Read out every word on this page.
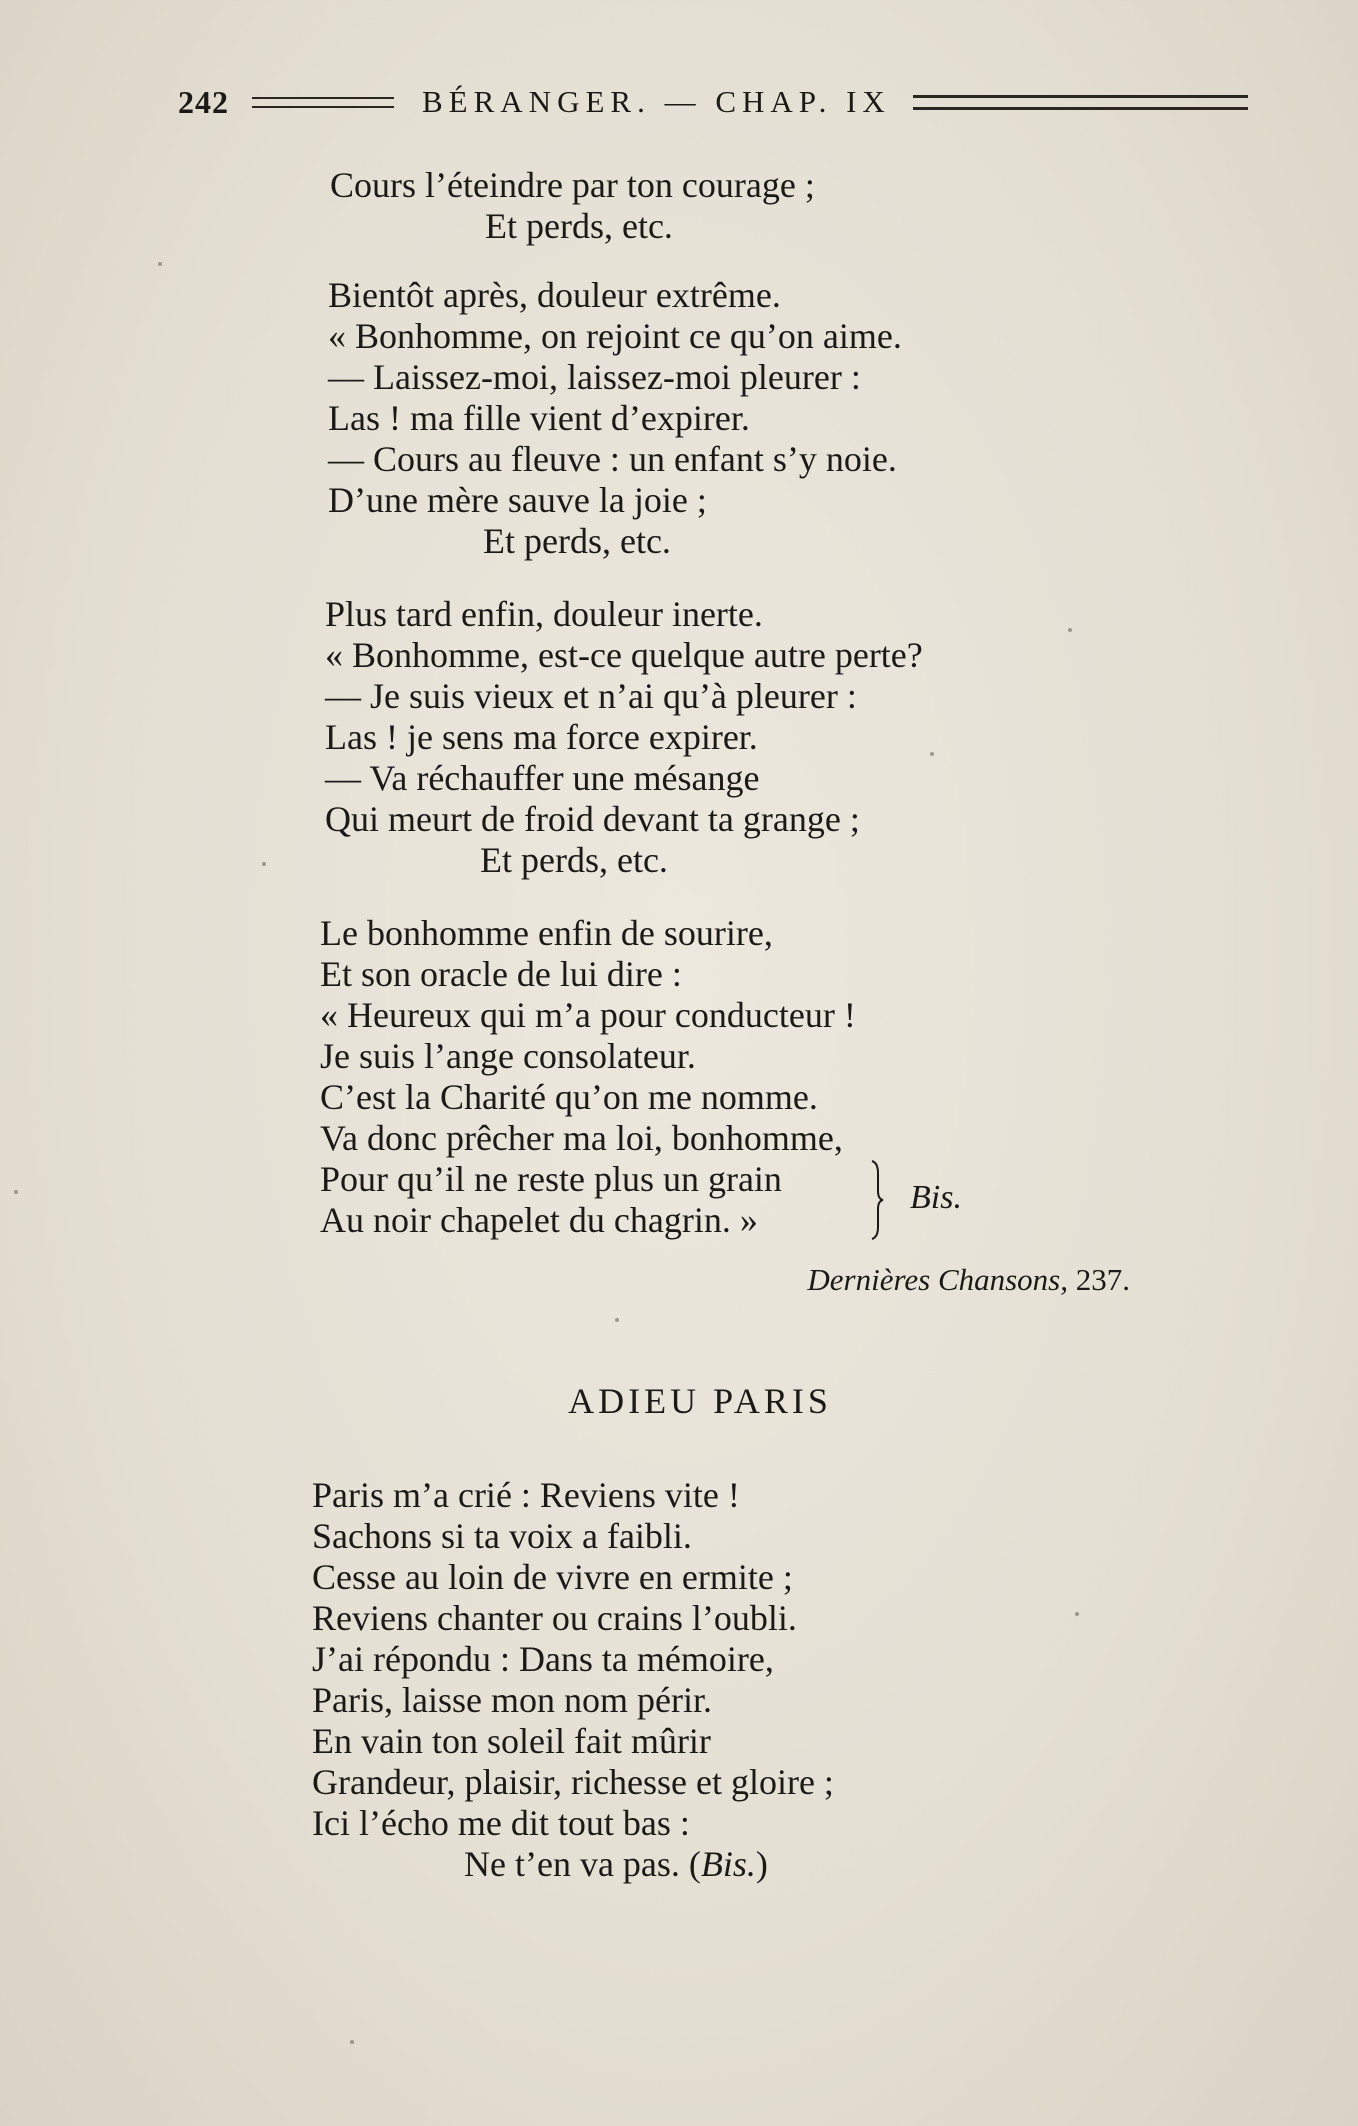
242	BÉRANGER. — CHAP. IX
Cours l’éteindre par ton courage ;
Et perds, etc.
Bientôt après, douleur extrême.
« Bonhomme, on rejoint ce qu’on aime.
— Laissez-moi, laissez-moi pleurer :
Las ! ma fille vient d’expirer.
— Cours au fleuve : un enfant s’y noie.
D’une mère sauve la joie ;
Et perds, etc.
Plus tard enfin, douleur inerte.
« Bonhomme, est-ce quelque autre perte?
— Je suis vieux et n’ai qu’à pleurer :
Las ! je sens ma force expirer.
— Va réchauffer une mésange
Qui meurt de froid devant ta grange ;
Et perds, etc.
Le bonhomme enfin de sourire,
Et son oracle de lui dire :
« Heureux qui m’a pour conducteur !
Je suis l’ange consolateur.
C’est la Charité qu’on me nomme.
Va donc prêcher ma loi, bonhomme,
Pour qu’il ne reste plus un grain
Au noir chapelet du chagrin. »
Bis.
Dernières Chansons, 237.
ADIEU PARIS
Paris m’a crié : Reviens vite !
Sachons si ta voix a faibli.
Cesse au loin de vivre en ermite ;
Reviens chanter ou crains l’oubli.
J’ai répondu : Dans ta mémoire,
Paris, laisse mon nom périr.
En vain ton soleil fait mûrir
Grandeur, plaisir, richesse et gloire ;
Ici l’écho me dit tout bas :
Ne t’en va pas. (Bis.)
